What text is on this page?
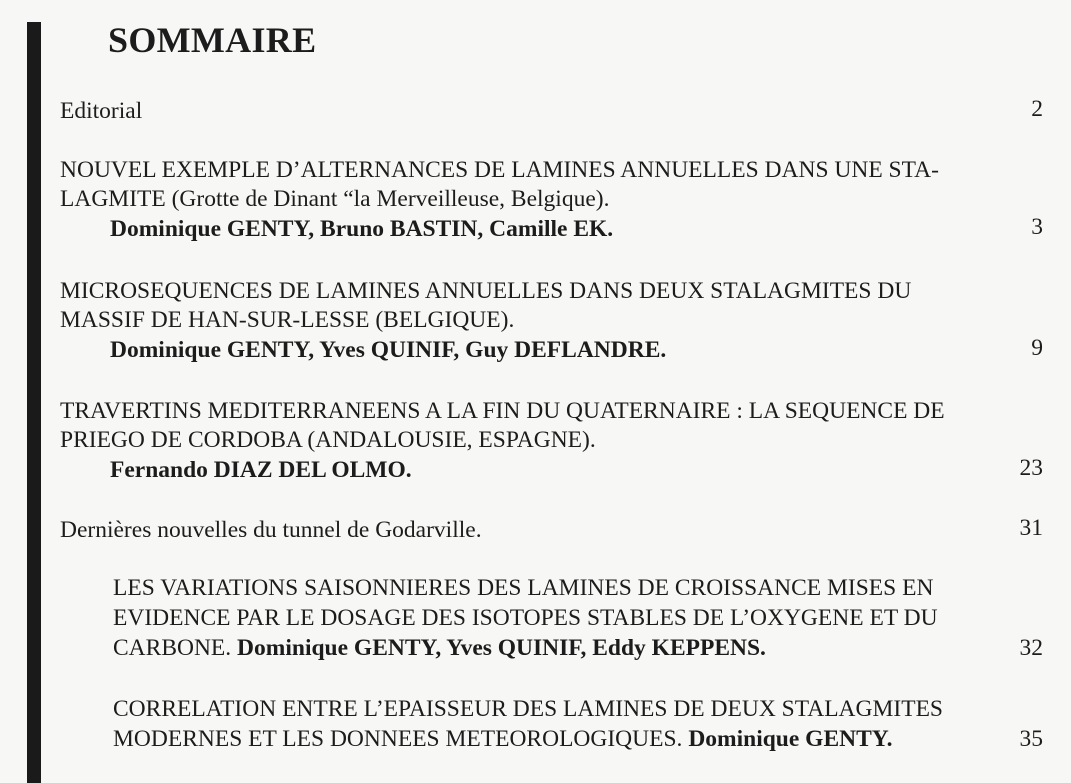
SOMMAIRE
Editorial	2
NOUVEL EXEMPLE D’ALTERNANCES DE LAMINES ANNUELLES DANS UNE STA-
LAGMITE (Grotte de Dinant “la Merveilleuse, Belgique).
Dominique GENTY, Bruno BASTIN, Camille EK.	3
MICROSEQUENCES DE LAMINES ANNUELLES DANS DEUX STALAGMITES DU
MASSIF DE HAN-SUR-LESSE (BELGIQUE).
Dominique GENTY, Yves QUINIF, Guy DEFLANDRE.	9
TRAVERTINS MEDITERRANEENS A LA FIN DU QUATERNAIRE : LA SEQUENCE DE
PRIEGO DE CORDOBA (ANDALOUSIE, ESPAGNE).
Fernando DIAZ DEL OLMO.	23
Dernières nouvelles du tunnel de Godarville.	31
LES VARIATIONS SAISONNIERES DES LAMINES DE CROISSANCE MISES EN
EVIDENCE PAR LE DOSAGE DES ISOTOPES STABLES DE L’OXYGENE ET DU
CARBONE. Dominique GENTY, Yves QUINIF, Eddy KEPPENS.	32
CORRELATION ENTRE L’EPAISSEUR DES LAMINES DE DEUX STALAGMITES
MODERNES ET LES DONNEES METEOROLOGIQUES. Dominique GENTY.	35
